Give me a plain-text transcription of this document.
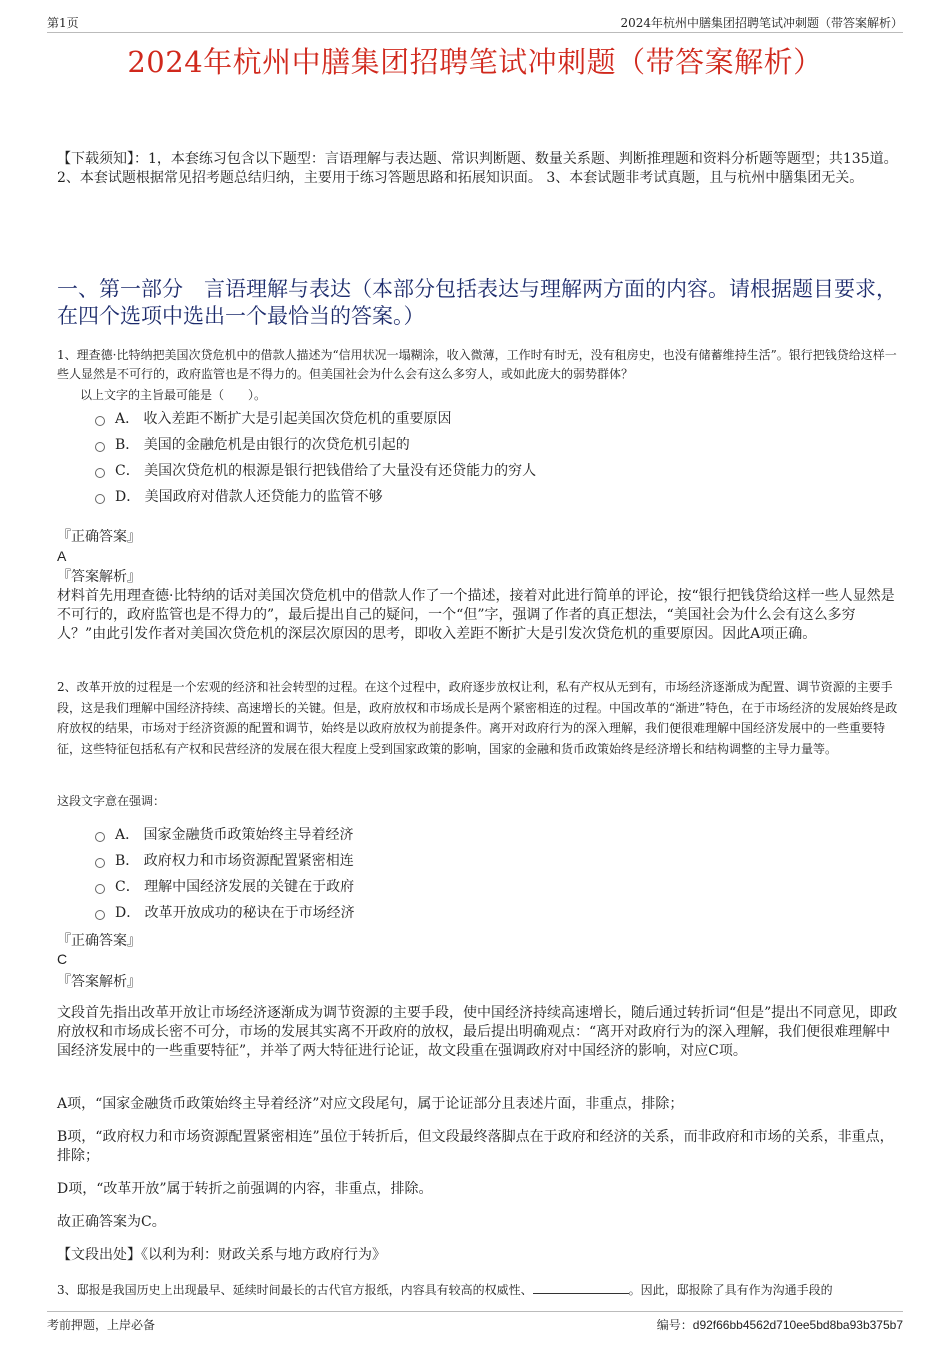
第1页	2024年杭州中膳集团招聘笔试冲刺题（带答案解析）
2024年杭州中膳集团招聘笔试冲刺题（带答案解析）
【下载须知】：1，本套练习包含以下题型：言语理解与表达题、常识判断题、数量关系题、判断推理题和资料分析题等题型；共135道。 2、本套试题根据常见招考题总结归纳，主要用于练习答题思路和拓展知识面。 3、本套试题非考试真题，且与杭州中膳集团无关。
一、第一部分　言语理解与表达（本部分包括表达与理解两方面的内容。请根据题目要求，在四个选项中选出一个最恰当的答案。）
1、理查德·比特纳把美国次贷危机中的借款人描述为“信用状况一塌糊涂，收入微薄，工作时有时无，没有租房史，也没有储蓄维持生活”。银行把钱贷给这样一些人显然是不可行的，政府监管也是不得力的。但美国社会为什么会有这么多穷人，或如此庞大的弱势群体？
以上文字的主旨最可能是（　　）。
A． 收入差距不断扩大是引起美国次贷危机的重要原因
B． 美国的金融危机是由银行的次贷危机引起的
C． 美国次贷危机的根源是银行把钱借给了大量没有还贷能力的穷人
D． 美国政府对借款人还贷能力的监管不够
『正确答案』
A
『答案解析』
材料首先用理查德·比特纳的话对美国次贷危机中的借款人作了一个描述，接着对此进行简单的评论，按“银行把钱贷给这样一些人显然是不可行的，政府监管也是不得力的”，最后提出自己的疑问，一个“但”字，强调了作者的真正想法，“美国社会为什么会有这么多穷人？”由此引发作者对美国次贷危机的深层次原因的思考，即收入差距不断扩大是引发次贷危机的重要原因。因此A项正确。
2、改革开放的过程是一个宏观的经济和社会转型的过程。在这个过程中，政府逐步放权让利，私有产权从无到有，市场经济逐渐成为配置、调节资源的主要手段，这是我们理解中国经济持续、高速增长的关键。但是，政府放权和市场成长是两个紧密相连的过程。中国改革的“渐进”特色，在于市场经济的发展始终是政府放权的结果，市场对于经济资源的配置和调节，始终是以政府放权为前提条件。离开对政府行为的深入理解，我们便很难理解中国经济发展中的一些重要特征，这些特征包括私有产权和民营经济的发展在很大程度上受到国家政策的影响，国家的金融和货币政策始终是经济增长和结构调整的主导力量等。
这段文字意在强调：
A． 国家金融货币政策始终主导着经济
B． 政府权力和市场资源配置紧密相连
C． 理解中国经济发展的关键在于政府
D． 改革开放成功的秘诀在于市场经济
『正确答案』
C
『答案解析』
文段首先指出改革开放让市场经济逐渐成为调节资源的主要手段，使中国经济持续高速增长，随后通过转折词“但是”提出不同意见，即政府放权和市场成长密不可分，市场的发展其实离不开政府的放权，最后提出明确观点：“离开对政府行为的深入理解，我们便很难理解中国经济发展中的一些重要特征”，并举了两大特征进行论证，故文段重在强调政府对中国经济的影响，对应C项。
A项，“国家金融货币政策始终主导着经济”对应文段尾句，属于论证部分且表述片面，非重点，排除；
B项，“政府权力和市场资源配置紧密相连”虽位于转折后，但文段最终落脚点在于政府和经济的关系，而非政府和市场的关系，非重点，排除；
D项，“改革开放”属于转折之前强调的内容，非重点，排除。
故正确答案为C。
【文段出处】《以利为利：财政关系与地方政府行为》
3、邸报是我国历史上出现最早、延续时间最长的古代官方报纸，内容具有较高的权威性、	。因此，邸报除了具有作为沟通手段的
考前押题，上岸必备	编号：d92f66bb4562d710ee5bd8ba93b375b7
